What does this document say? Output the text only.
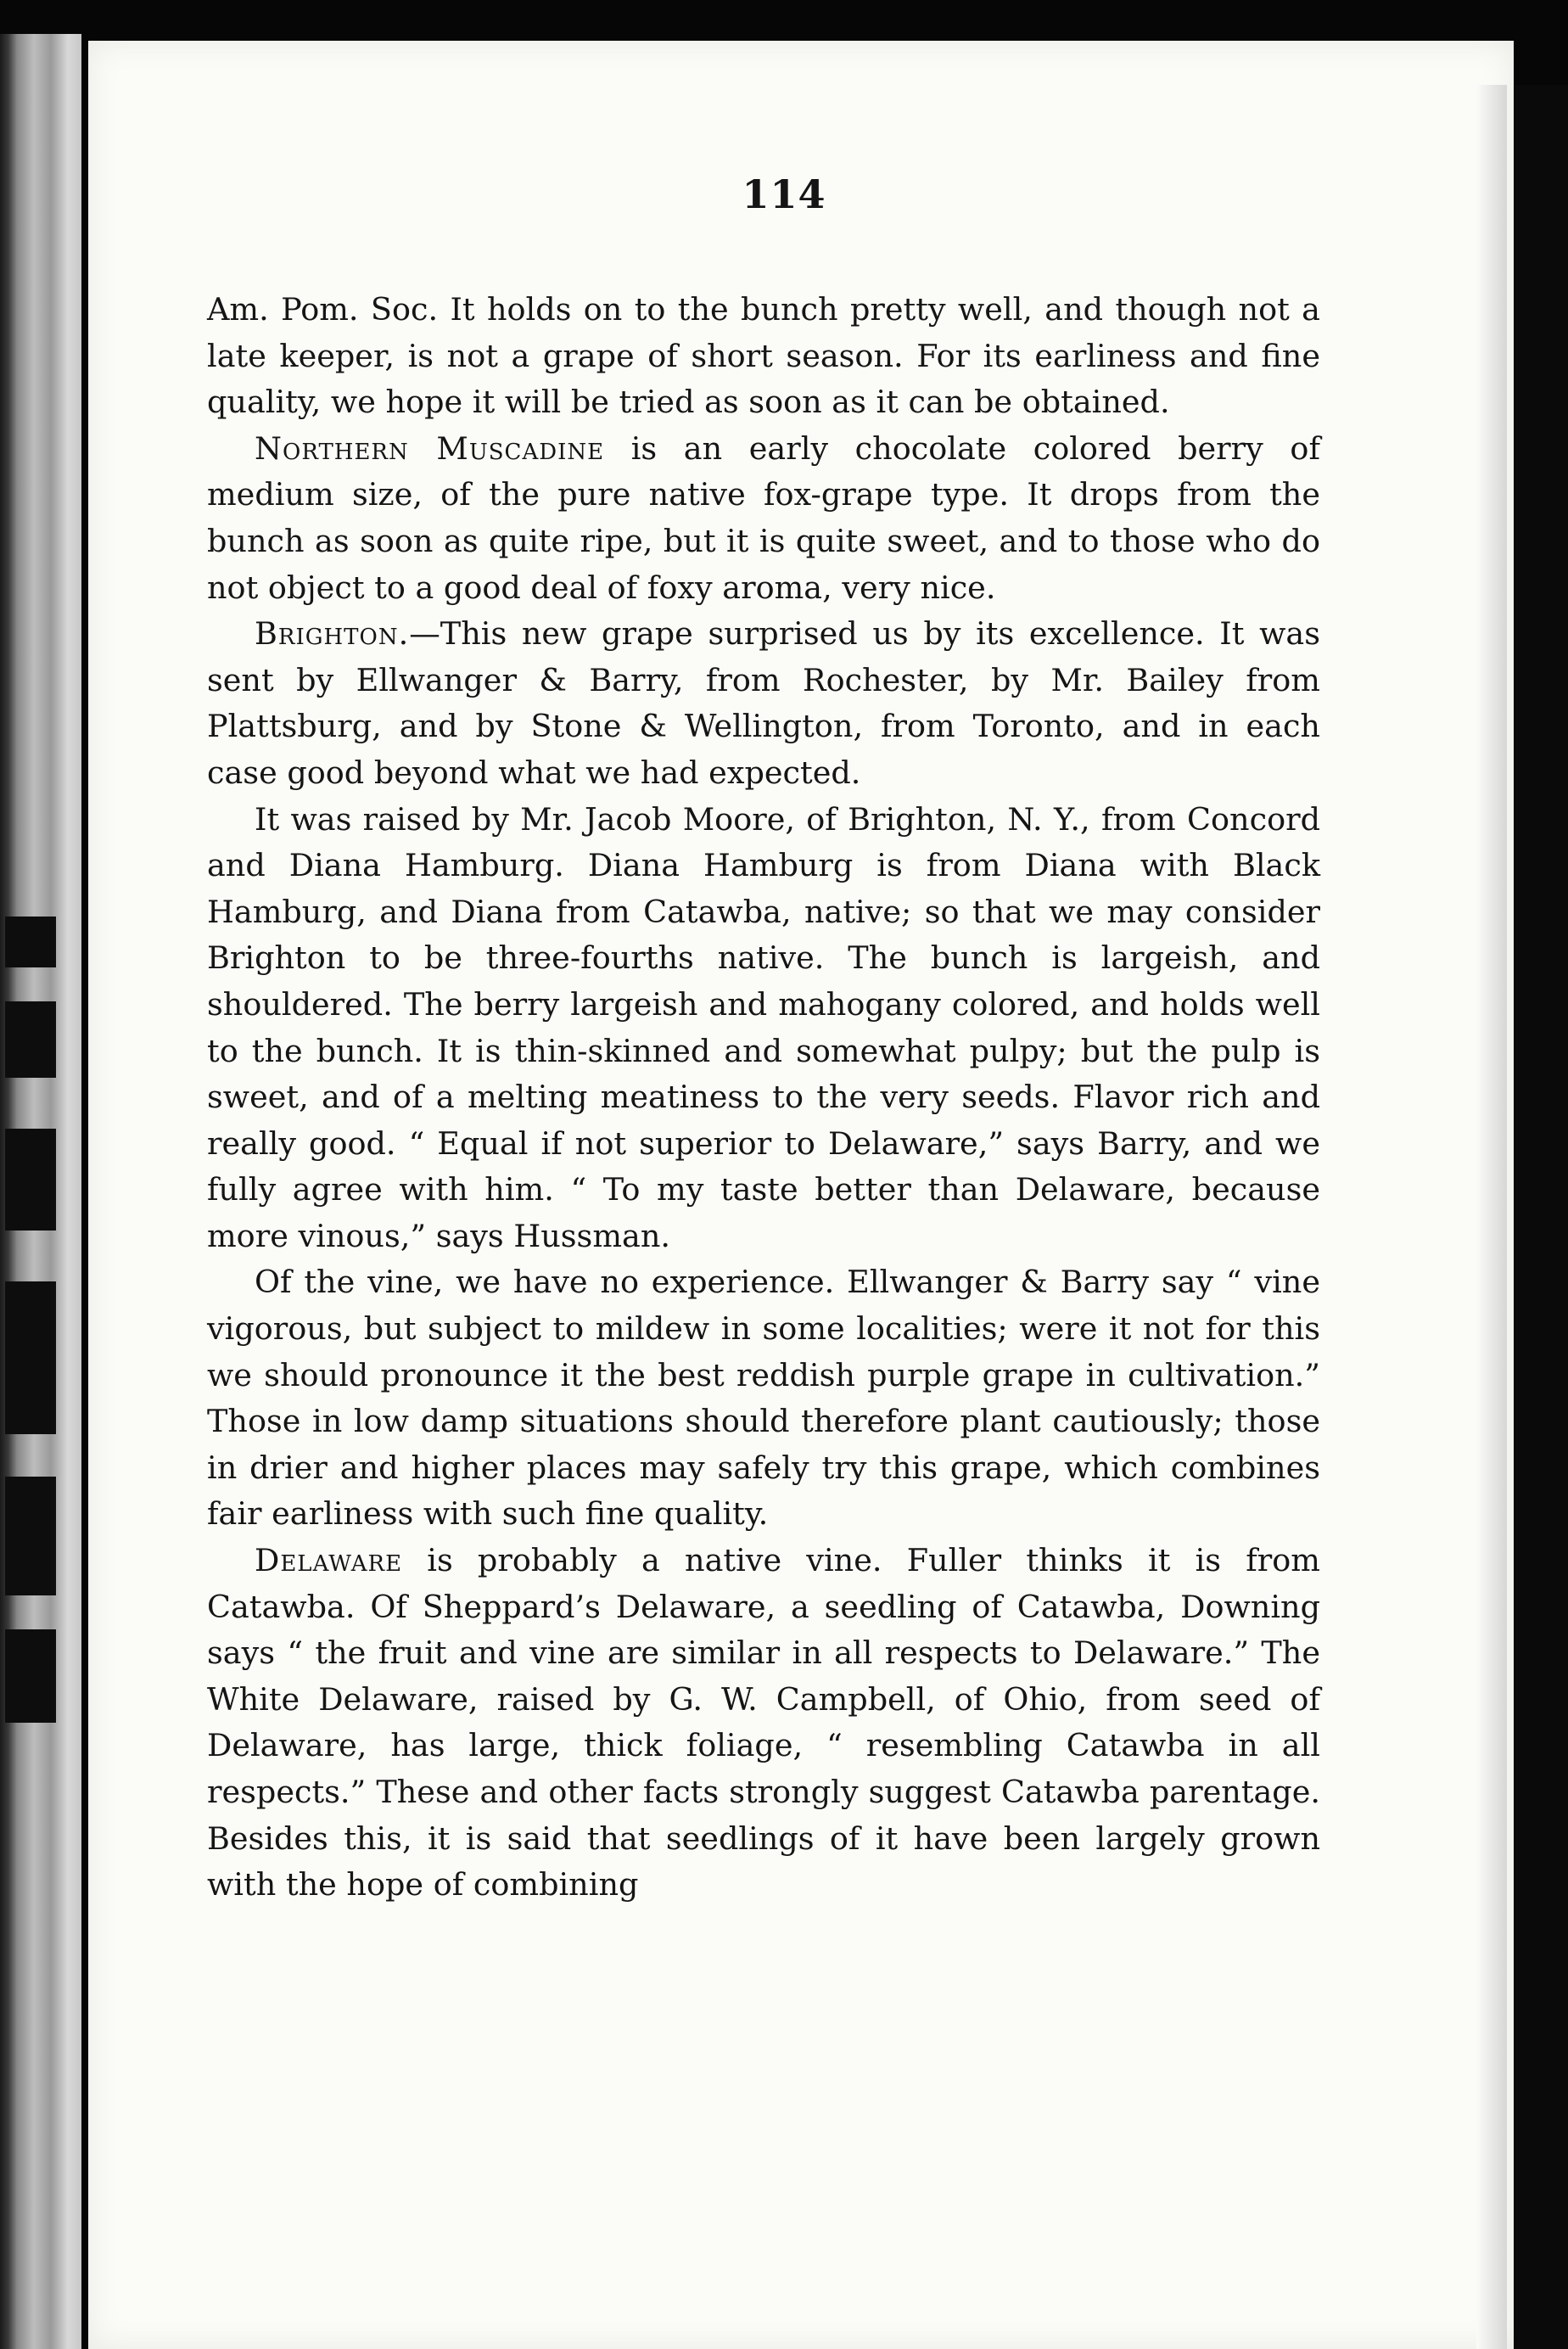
114

Am. Pom. Soc. It holds on to the bunch pretty well, and though not a late keeper, is not a grape of short season. For its earliness and fine quality, we hope it will be tried as soon as it can be obtained.

Northern Muscadine is an early chocolate colored berry of medium size, of the pure native fox-grape type. It drops from the bunch as soon as quite ripe, but it is quite sweet, and to those who do not object to a good deal of foxy aroma, very nice.

Brighton.—This new grape surprised us by its excellence. It was sent by Ellwanger & Barry, from Rochester, by Mr. Bailey from Plattsburg, and by Stone & Wellington, from Toronto, and in each case good beyond what we had expected.

It was raised by Mr. Jacob Moore, of Brighton, N. Y., from Concord and Diana Hamburg. Diana Hamburg is from Diana with Black Hamburg, and Diana from Catawba, native; so that we may consider Brighton to be three-fourths native. The bunch is largeish, and shouldered. The berry largeish and mahogany colored, and holds well to the bunch. It is thin-skinned and somewhat pulpy; but the pulp is sweet, and of a melting meatiness to the very seeds. Flavor rich and really good. “ Equal if not superior to Delaware,” says Barry, and we fully agree with him. “ To my taste better than Delaware, because more vinous,” says Hussman.

Of the vine, we have no experience. Ellwanger & Barry say “ vine vigorous, but subject to mildew in some localities; were it not for this we should pronounce it the best reddish purple grape in cultivation.” Those in low damp situations should therefore plant cautiously; those in drier and higher places may safely try this grape, which combines fair earliness with such fine quality.

Delaware is probably a native vine. Fuller thinks it is from Catawba. Of Sheppard’s Delaware, a seedling of Catawba, Downing says “ the fruit and vine are similar in all respects to Delaware.” The White Delaware, raised by G. W. Campbell, of Ohio, from seed of Delaware, has large, thick foliage, “ resembling Catawba in all respects.” These and other facts strongly suggest Catawba parentage. Besides this, it is said that seedlings of it have been largely grown with the hope of combining
